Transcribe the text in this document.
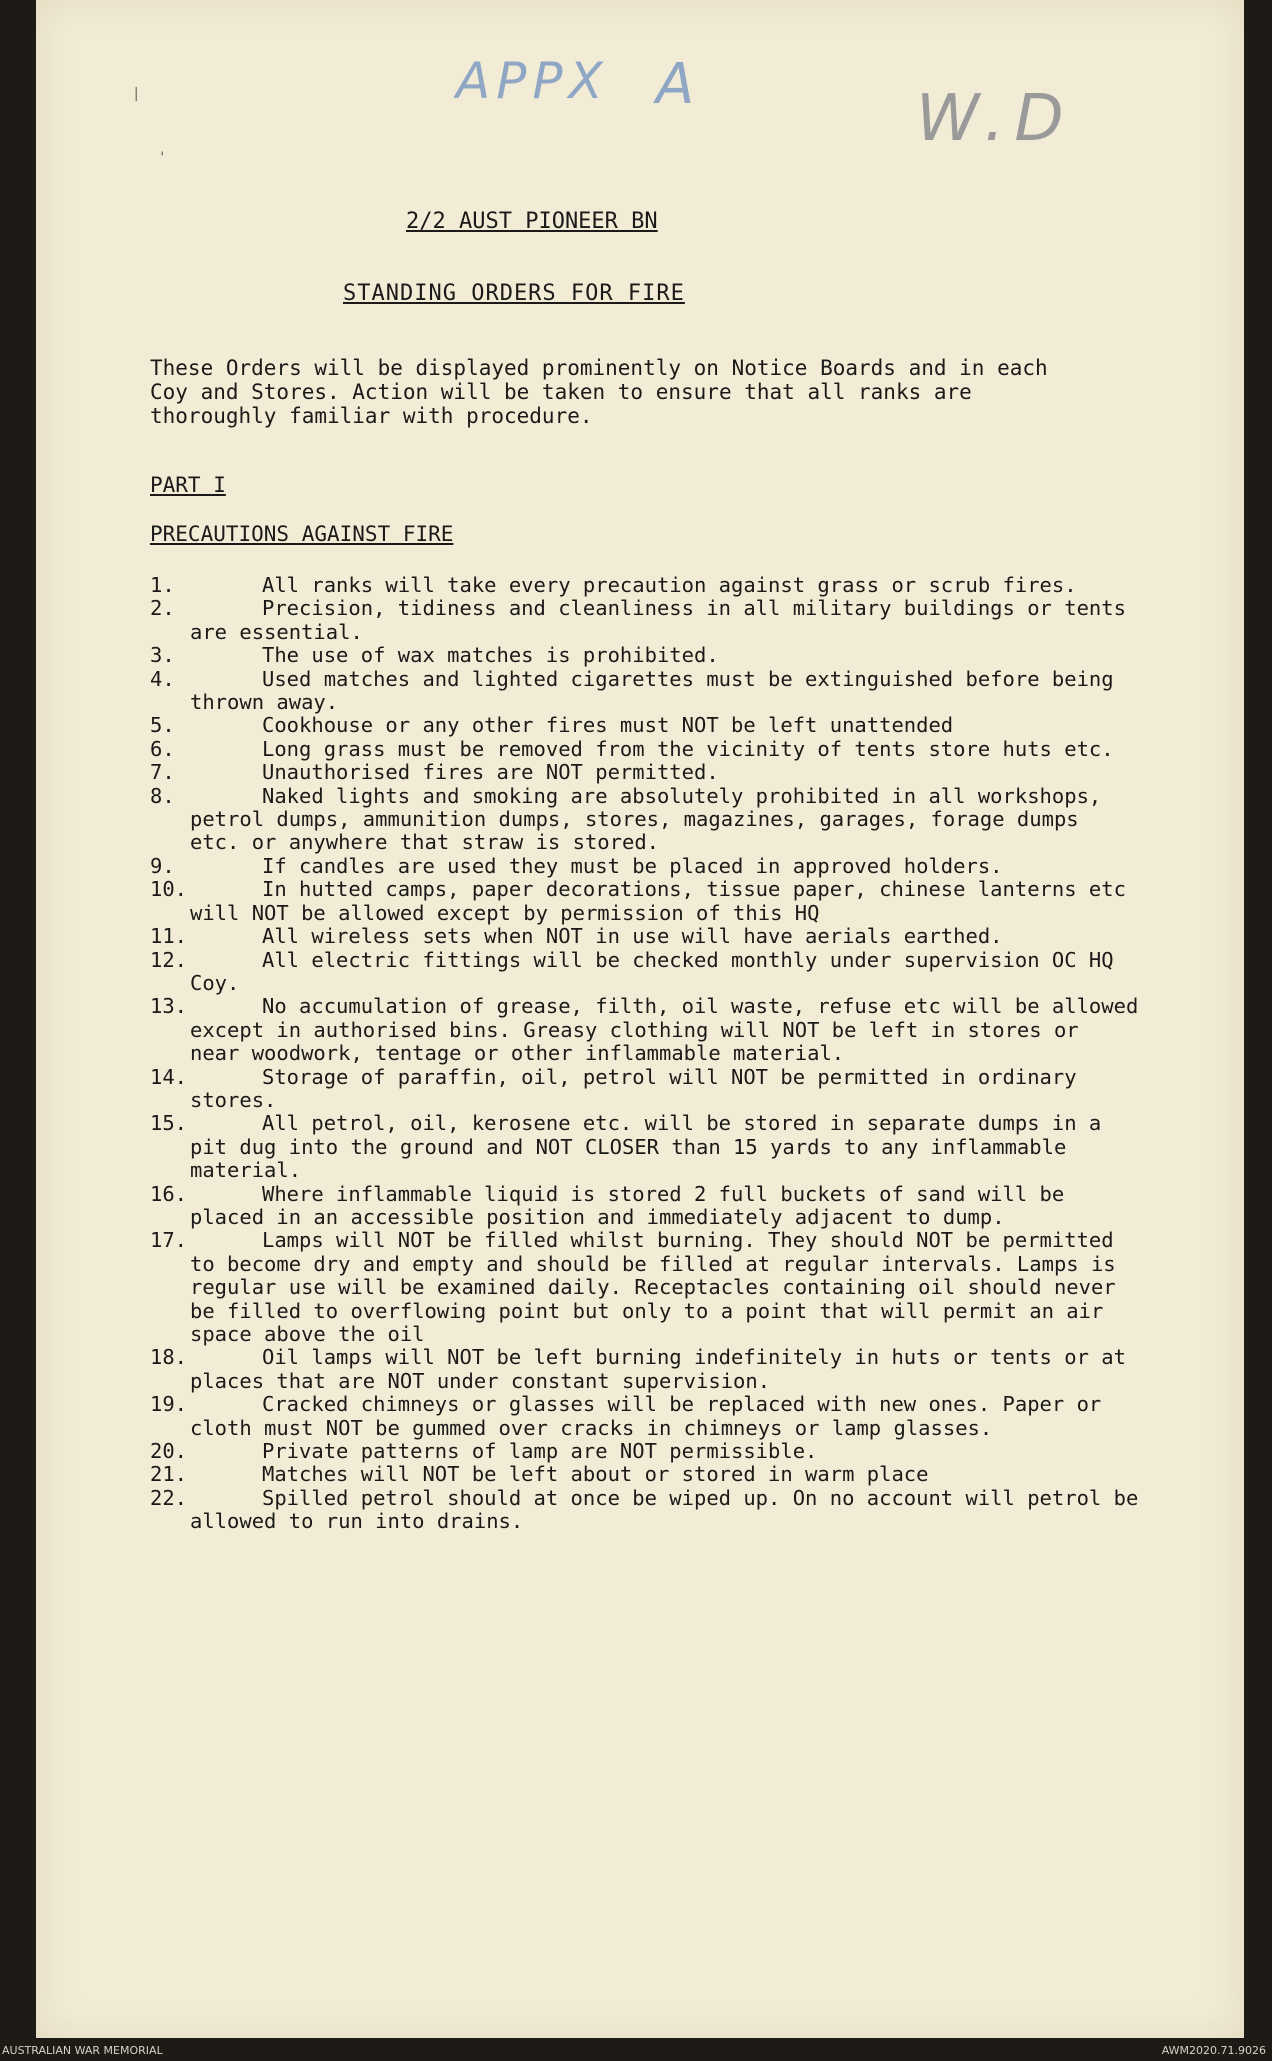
|
'
APPX A	W.D
2/2 AUST PIONEER BN
STANDING ORDERS FOR FIRE
These Orders will be displayed prominently on Notice Boards and in each Coy and Stores. Action will be taken to ensure that all ranks are thoroughly familiar with procedure.
PART I
PRECAUTIONS AGAINST FIRE
1.	All ranks will take every precaution against grass or scrub fires.
2.	Precision, tidiness and cleanliness in all military buildings or tents are essential.
3.	The use of wax matches is prohibited.
4.	Used matches and lighted cigarettes must be extinguished before being thrown away.
5.	Cookhouse or any other fires must NOT be left unattended
6.	Long grass must be removed from the vicinity of tents store huts etc.
7.	Unauthorised fires are NOT permitted.
8.	Naked lights and smoking are absolutely prohibited in all workshops, petrol dumps, ammunition dumps, stores, magazines, garages, forage dumps etc. or anywhere that straw is stored.
9.	If candles are used they must be placed in approved holders.
10.	In hutted camps, paper decorations, tissue paper, chinese lanterns etc will NOT be allowed except by permission of this HQ
11.	All wireless sets when NOT in use will have aerials earthed.
12.	All electric fittings will be checked monthly under supervision OC HQ Coy.
13.	No accumulation of grease, filth, oil waste, refuse etc will be allowed except in authorised bins. Greasy clothing will NOT be left in stores or near woodwork, tentage or other inflammable material.
14.	Storage of paraffin, oil, petrol will NOT be permitted in ordinary stores.
15.	All petrol, oil, kerosene etc. will be stored in separate dumps in a pit dug into the ground and NOT CLOSER than 15 yards to any inflammable material.
16.	Where inflammable liquid is stored 2 full buckets of sand will be placed in an accessible position and immediately adjacent to dump.
17.	Lamps will NOT be filled whilst burning. They should NOT be permitted to become dry and empty and should be filled at regular intervals. Lamps is regular use will be examined daily. Receptacles containing oil should never be filled to overflowing point but only to a point that will permit an air space above the oil
18.	Oil lamps will NOT be left burning indefinitely in huts or tents or at places that are NOT under constant supervision.
19.	Cracked chimneys or glasses will be replaced with new ones. Paper or cloth must NOT be gummed over cracks in chimneys or lamp glasses.
20.	Private patterns of lamp are NOT permissible.
21.	Matches will NOT be left about or stored in warm place
22.	Spilled petrol should at once be wiped up. On no account will petrol be allowed to run into drains.
AUSTRALIAN WAR MEMORIAL	AWM2020.71.9026
